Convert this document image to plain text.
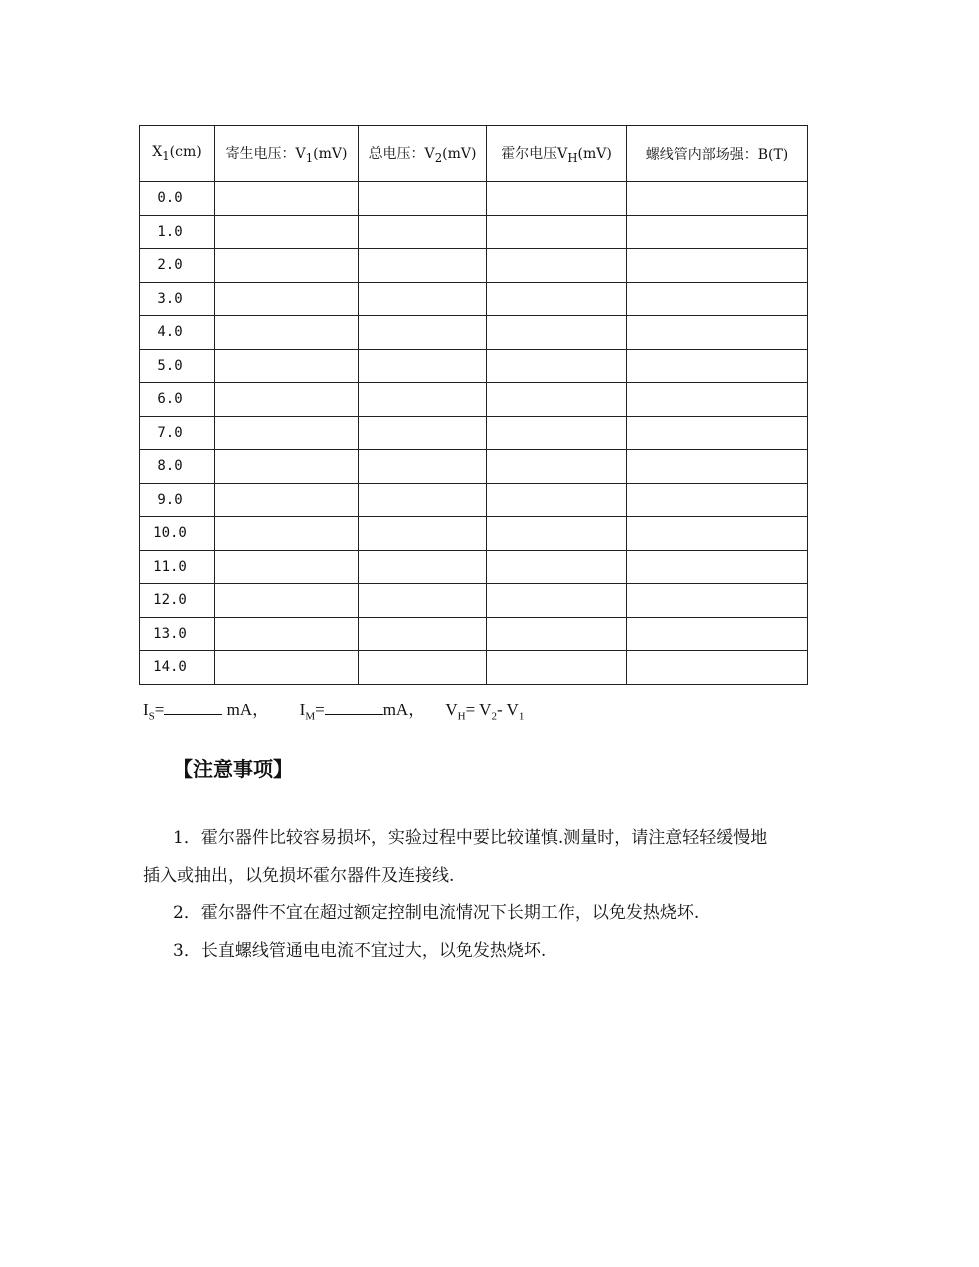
$X_1(cm)$	寄生电压：$V_1(mV)$	总电压：$V_2(mV)$	霍尔电压$V_H(mV)$	螺线管内部场强：B(T)
0.0				
1.0				
2.0				
3.0				
4.0				
5.0				
6.0				
7.0				
8.0				
9.0				
10.0				
11.0				
12.0				
13.0				
14.0				
$I_S=$	mA， $I_M=$	mA， $V_H= V_2-$ $V_1$
【注意事项】
1．霍尔器件比较容易损坏，实验过程中要比较谨慎.测量时，请注意轻轻缓慢地
插入或抽出，以免损坏霍尔器件及连接线.
2．霍尔器件不宜在超过额定控制电流情况下长期工作，以免发热烧坏.
3．长直螺线管通电电流不宜过大，以免发热烧坏.
